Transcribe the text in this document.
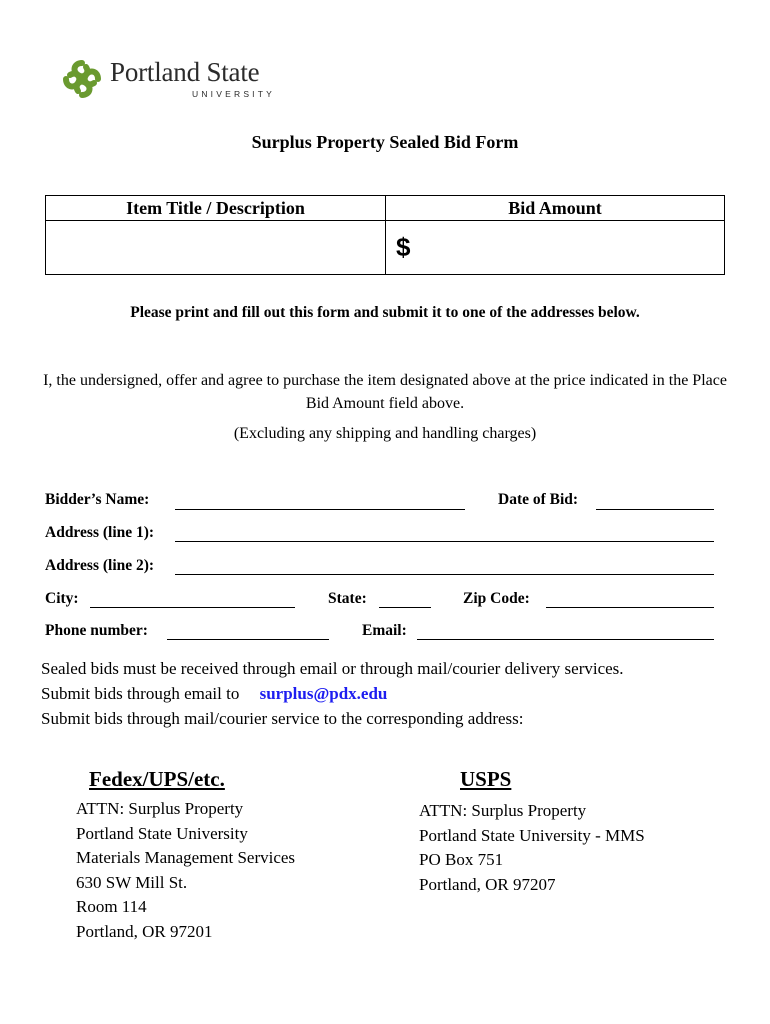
Portland State
UNIVERSITY
Surplus Property Sealed Bid Form
Item Title / Description	Bid Amount
	$
Please print and fill out this form and submit it to one of the addresses below.
I, the undersigned, offer and agree to purchase the item designated above at the price indicated in the Place Bid Amount field above.
(Excluding any shipping and handling charges)
Bidder’s Name:	Date of Bid:
Address (line 1):
Address (line 2):
City:	State:	Zip Code:
Phone number:	Email:
Sealed bids must be received through email or through mail/courier delivery services.
Submit bids through email to surplus@pdx.edu
Submit bids through mail/courier service to the corresponding address:
Fedex/UPS/etc.
ATTN: Surplus Property
Portland State University
Materials Management Services
630 SW Mill St.
Room 114
Portland, OR 97201
USPS
ATTN: Surplus Property
Portland State University - MMS
PO Box 751
Portland, OR 97207
